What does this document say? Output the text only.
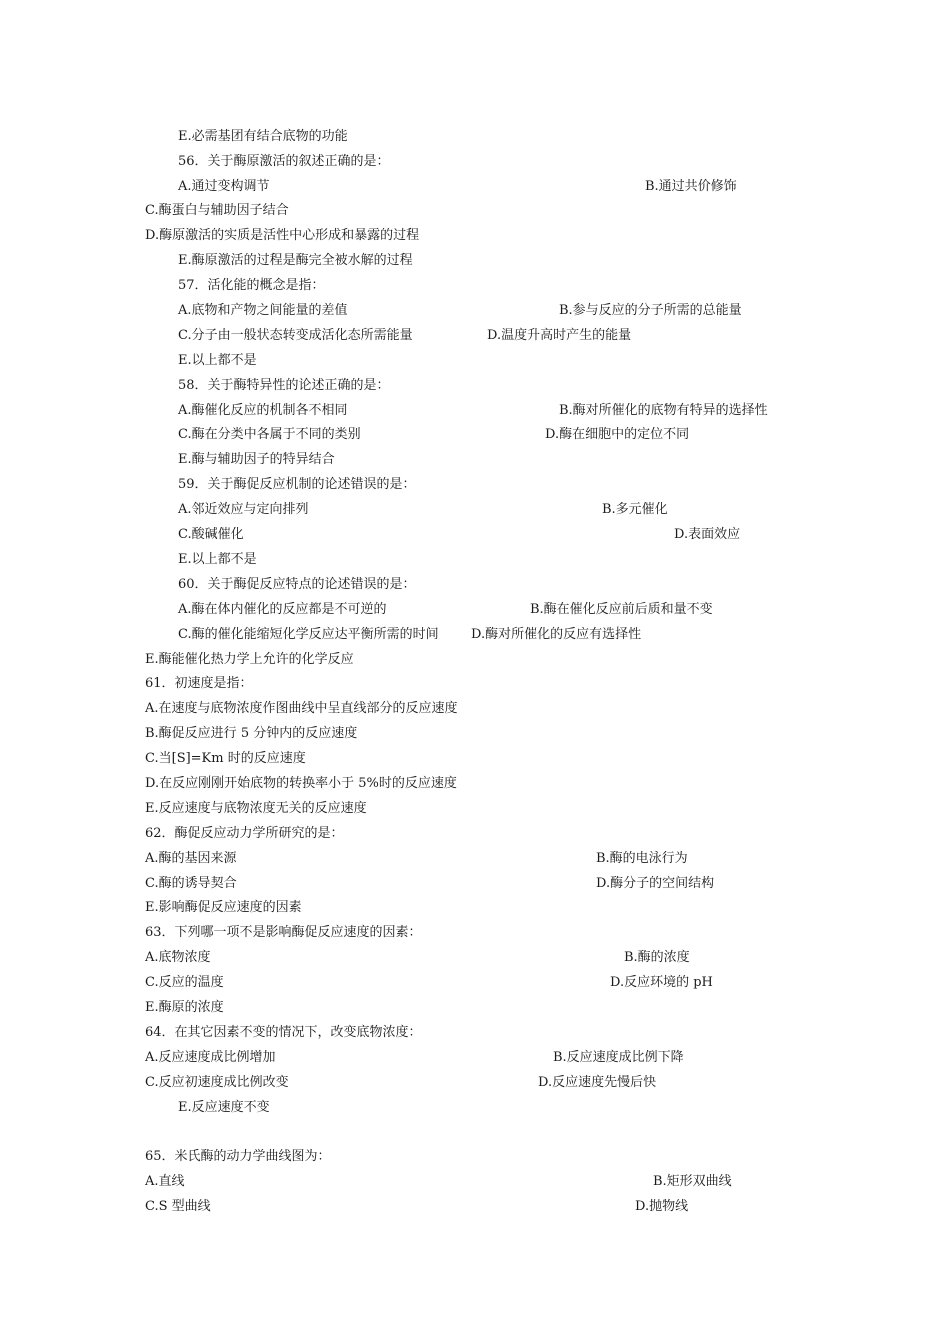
E.必需基团有结合底物的功能
56．关于酶原激活的叙述正确的是：
A.通过变构调节	B.通过共价修饰
C.酶蛋白与辅助因子结合
D.酶原激活的实质是活性中心形成和暴露的过程
E.酶原激活的过程是酶完全被水解的过程
57．活化能的概念是指：
A.底物和产物之间能量的差值	B.参与反应的分子所需的总能量
C.分子由一般状态转变成活化态所需能量	D.温度升高时产生的能量
E.以上都不是
58．关于酶特异性的论述正确的是：
A.酶催化反应的机制各不相同	B.酶对所催化的底物有特异的选择性
C.酶在分类中各属于不同的类别	D.酶在细胞中的定位不同
E.酶与辅助因子的特异结合
59．关于酶促反应机制的论述错误的是：
A.邻近效应与定向排列	B.多元催化
C.酸碱催化	D.表面效应
E.以上都不是
60．关于酶促反应特点的论述错误的是：
A.酶在体内催化的反应都是不可逆的	B.酶在催化反应前后质和量不变
C.酶的催化能缩短化学反应达平衡所需的时间 D.酶对所催化的反应有选择性
E.酶能催化热力学上允许的化学反应
61．初速度是指：
A.在速度与底物浓度作图曲线中呈直线部分的反应速度
B.酶促反应进行 5 分钟内的反应速度
C.当[S]=Km 时的反应速度
D.在反应刚刚开始底物的转换率小于 5%时的反应速度
E.反应速度与底物浓度无关的反应速度
62．酶促反应动力学所研究的是：
A.酶的基因来源	B.酶的电泳行为
C.酶的诱导契合	D.酶分子的空间结构
E.影响酶促反应速度的因素
63．下列哪一项不是影响酶促反应速度的因素：
A.底物浓度	B.酶的浓度
C.反应的温度	D.反应环境的 pH
E.酶原的浓度
64．在其它因素不变的情况下，改变底物浓度：
A.反应速度成比例增加	B.反应速度成比例下降
C.反应初速度成比例改变	D.反应速度先慢后快
E.反应速度不变
65．米氏酶的动力学曲线图为：
A.直线	B.矩形双曲线
C.S 型曲线	D.抛物线
